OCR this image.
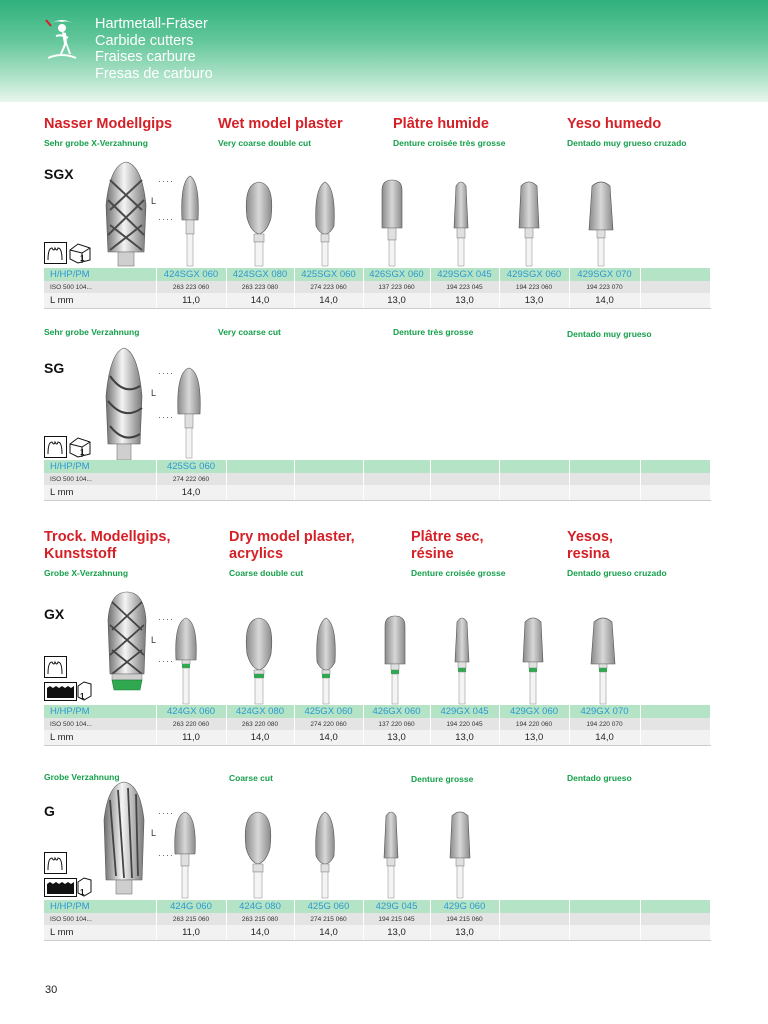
Hartmetall-Fräser
Carbide cutters
Fraises carbure
Fresas de carburo
Nasser Modellgips	Wet model plaster	Plâtre humide	Yeso humedo
Sehr grobe X-Verzahnung	Very coarse double cut	Denture croisée très grosse	Dentado muy grueso cruzado
SGX	····
L
····
1
H/HP/PM	424SGX 060	424SGX 080	425SGX 060	426SGX 060	429SGX 045	429SGX 060	429SGX 070	
ISO 500 104...	263 223 060	263 223 080	274 223 060	137 223 060	194 223 045	194 223 060	194 223 070	
L mm	11,0	14,0	14,0	13,0	13,0	13,0	14,0	
Sehr grobe Verzahnung	Very coarse cut	Denture très grosse	Dentado muy grueso
SG	····
L
····
1
H/HP/PM	425SG 060							
ISO 500 104...	274 222 060							
L mm	14,0							
Trock. Modellgips,
Kunststoff
Dry model plaster,
acrylics
Plâtre sec,
résine
Yesos,
resina
Grobe X-Verzahnung	Coarse double cut	Denture croisée grosse	Dentado grueso cruzado
GX	····
L
····
1
H/HP/PM	424GX 060	424GX 080	425GX 060	426GX 060	429GX 045	429GX 060	429GX 070	
ISO 500 104...	263 220 060	263 220 080	274 220 060	137 220 060	194 220 045	194 220 060	194 220 070	
L mm	11,0	14,0	14,0	13,0	13,0	13,0	14,0	
Grobe Verzahnung	Coarse cut	Denture grosse	Dentado grueso
G	····
L
····
1
H/HP/PM	424G 060	424G 080	425G 060	429G 045	429G 060			
ISO 500 104...	263 215 060	263 215 080	274 215 060	194 215 045	194 215 060			
L mm	11,0	14,0	14,0	13,0	13,0			
30
